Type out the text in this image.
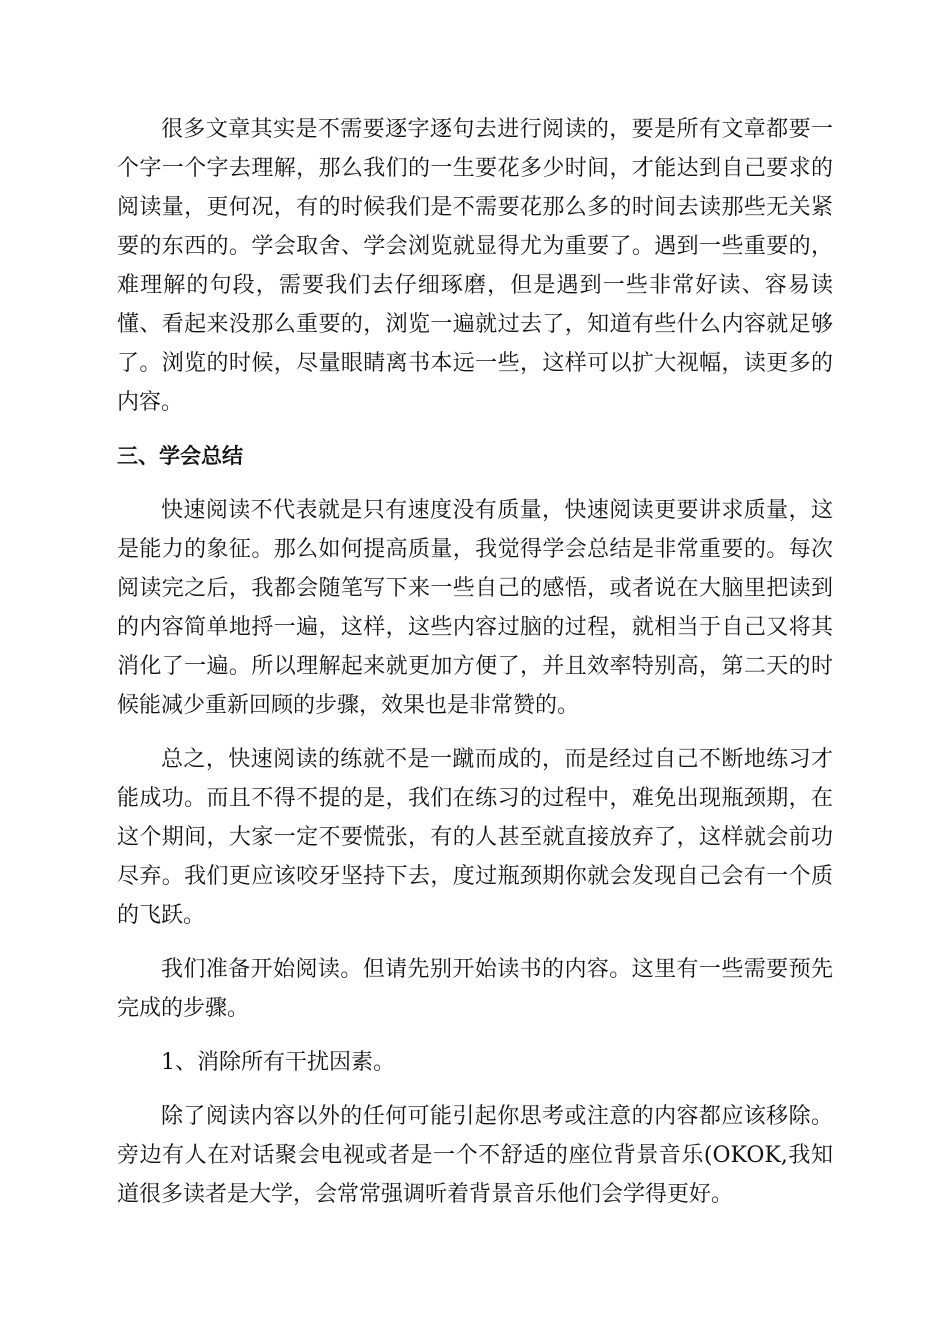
很多文章其实是不需要逐字逐句去进行阅读的，要是所有文章都要一个字一个字去理解，那么我们的一生要花多少时间，才能达到自己要求的阅读量，更何况，有的时候我们是不需要花那么多的时间去读那些无关紧要的东西的。学会取舍、学会浏览就显得尤为重要了。遇到一些重要的，难理解的句段，需要我们去仔细琢磨，但是遇到一些非常好读、容易读懂、看起来没那么重要的，浏览一遍就过去了，知道有些什么内容就足够了。浏览的时候，尽量眼睛离书本远一些，这样可以扩大视幅，读更多的内容。

三、学会总结

快速阅读不代表就是只有速度没有质量，快速阅读更要讲求质量，这是能力的象征。那么如何提高质量，我觉得学会总结是非常重要的。每次阅读完之后，我都会随笔写下来一些自己的感悟，或者说在大脑里把读到的内容简单地捋一遍，这样，这些内容过脑的过程，就相当于自己又将其消化了一遍。所以理解起来就更加方便了，并且效率特别高，第二天的时候能减少重新回顾的步骤，效果也是非常赞的。

总之，快速阅读的练就不是一蹴而成的，而是经过自己不断地练习才能成功。而且不得不提的是，我们在练习的过程中，难免出现瓶颈期，在这个期间，大家一定不要慌张，有的人甚至就直接放弃了，这样就会前功尽弃。我们更应该咬牙坚持下去，度过瓶颈期你就会发现自己会有一个质的飞跃。

我们准备开始阅读。但请先别开始读书的内容。这里有一些需要预先完成的步骤。

1、消除所有干扰因素。

除了阅读内容以外的任何可能引起你思考或注意的内容都应该移除。旁边有人在对话聚会电视或者是一个不舒适的座位背景音乐(OKOK,我知道很多读者是大学，会常常强调听着背景音乐他们会学得更好。
